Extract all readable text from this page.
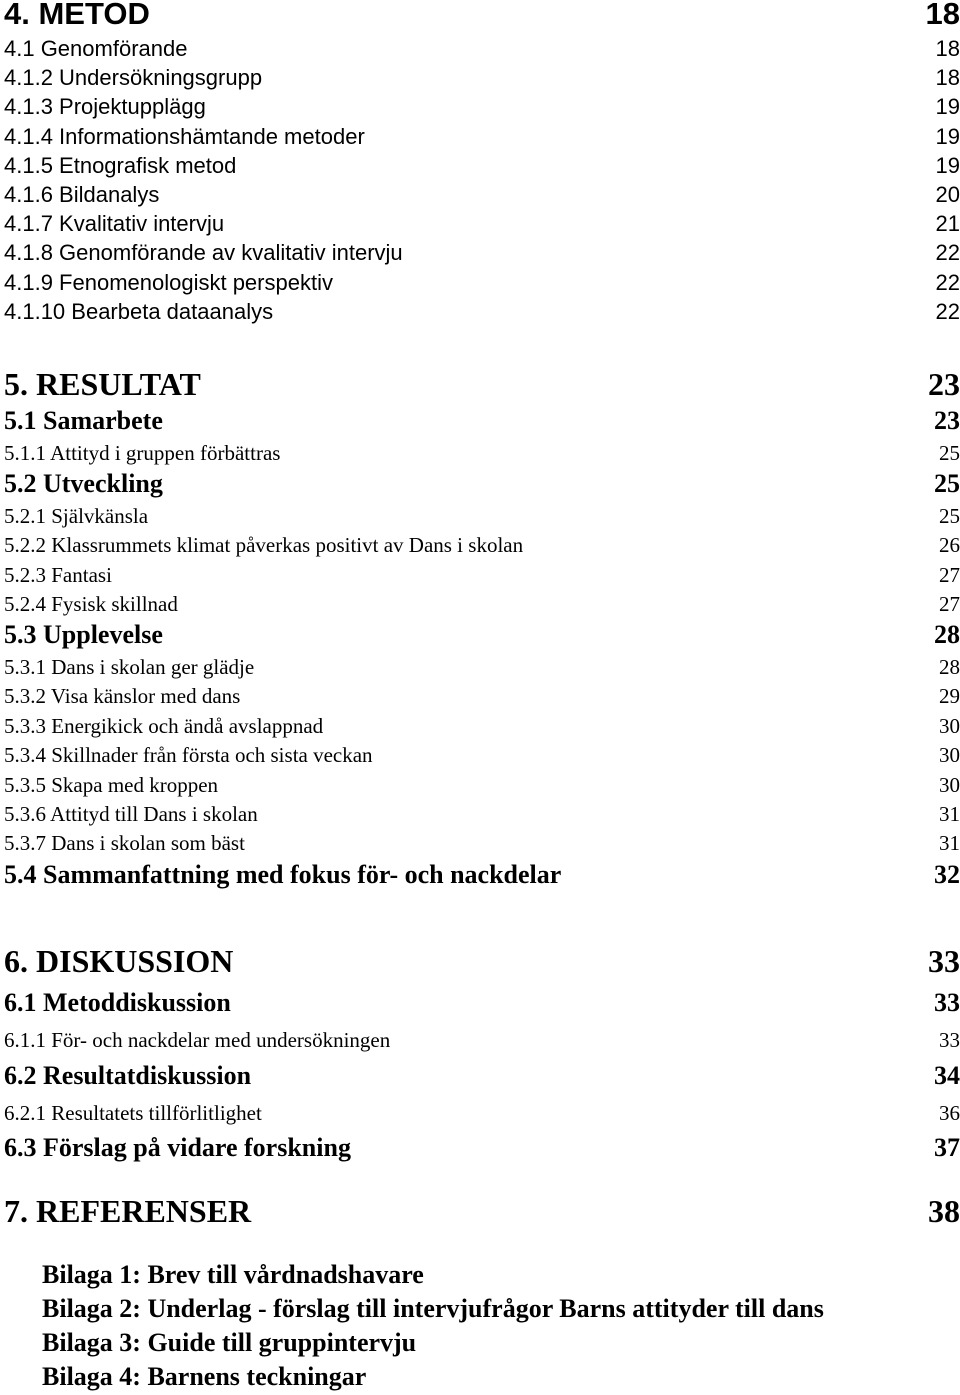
4. METOD	18
4.1 Genomförande	18
4.1.2 Undersökningsgrupp	18
4.1.3 Projektupplägg	19
4.1.4 Informationshämtande metoder	19
4.1.5 Etnografisk metod	19
4.1.6 Bildanalys	20
4.1.7 Kvalitativ intervju	21
4.1.8 Genomförande av kvalitativ intervju	22
4.1.9 Fenomenologiskt perspektiv	22
4.1.10 Bearbeta dataanalys	22
5. RESULTAT	23
5.1 Samarbete	23
5.1.1 Attityd i gruppen förbättras	25
5.2 Utveckling	25
5.2.1 Självkänsla	25
5.2.2 Klassrummets klimat påverkas positivt av Dans i skolan	26
5.2.3 Fantasi	27
5.2.4 Fysisk skillnad	27
5.3 Upplevelse	28
5.3.1 Dans i skolan ger glädje	28
5.3.2 Visa känslor med dans	29
5.3.3 Energikick och ändå avslappnad	30
5.3.4 Skillnader från första och sista veckan	30
5.3.5 Skapa med kroppen	30
5.3.6 Attityd till Dans i skolan	31
5.3.7 Dans i skolan som bäst	31
5.4 Sammanfattning med fokus för- och nackdelar	32
6. DISKUSSION	33
6.1 Metoddiskussion	33
6.1.1 För- och nackdelar med undersökningen	33
6.2 Resultatdiskussion	34
6.2.1 Resultatets tillförlitlighet	36
6.3 Förslag på vidare forskning	37
7. REFERENSER	38
Bilaga 1: Brev till vårdnadshavare
Bilaga 2: Underlag - förslag till intervjufrågor Barns attityder till dans
Bilaga 3: Guide till gruppintervju
Bilaga 4: Barnens teckningar
